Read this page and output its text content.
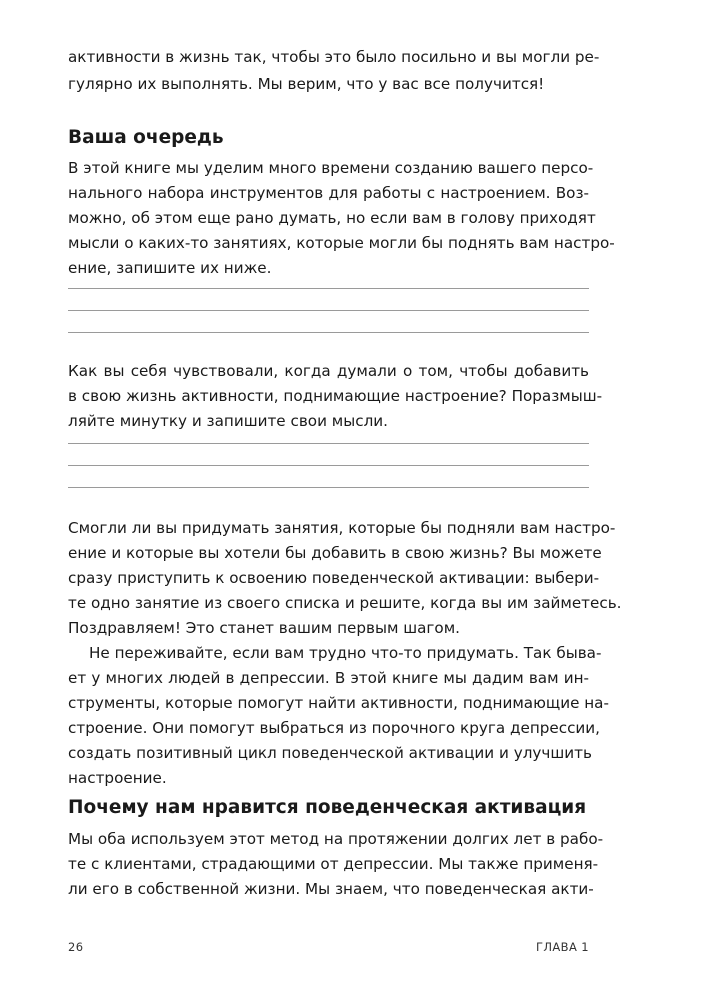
активности в жизнь так, чтобы это было посильно и вы могли ре-
гулярно их выполнять. Мы верим, что у вас все получится!
Ваша очередь
В этой книге мы уделим много времени созданию вашего персо-
нального набора инструментов для работы с настроением. Воз-
можно, об этом еще рано думать, но если вам в голову приходят
мысли о каких-то занятиях, которые могли бы поднять вам настро-
ение, запишите их ниже.
Как вы себя чувствовали, когда думали о том, чтобы добавить
в свою жизнь активности, поднимающие настроение? Поразмыш-
ляйте минутку и запишите свои мысли.
Смогли ли вы придумать занятия, которые бы подняли вам настро-
ение и которые вы хотели бы добавить в свою жизнь? Вы можете
сразу приступить к освоению поведенческой активации: выбери-
те одно занятие из своего списка и решите, когда вы им займетесь.
Поздравляем! Это станет вашим первым шагом.
Не переживайте, если вам трудно что-то придумать. Так быва-
ет у многих людей в депрессии. В этой книге мы дадим вам ин-
струменты, которые помогут найти активности, поднимающие на-
строение. Они помогут выбраться из порочного круга депрессии,
создать позитивный цикл поведенческой активации и улучшить
настроение.
Почему нам нравится поведенческая активация
Мы оба используем этот метод на протяжении долгих лет в рабо-
те с клиентами, страдающими от депрессии. Мы также применя-
ли его в собственной жизни. Мы знаем, что поведенческая акти-
26	ГЛАВА 1
